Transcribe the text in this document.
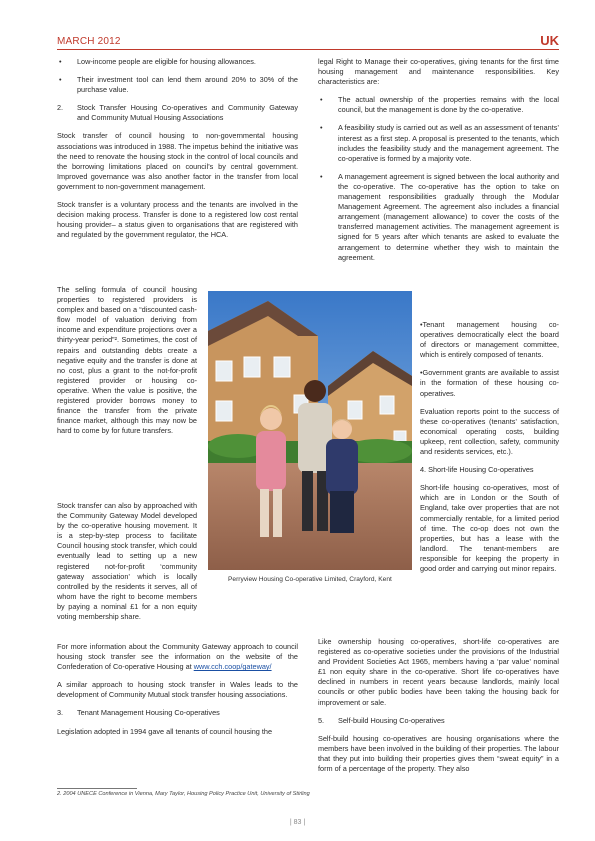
MARCH 2012	UK
• Low-income people are eligible for housing allowances.
• Their investment tool can lend them around 20% to 30% of the purchase value.
2. Stock Transfer Housing Co-operatives and Community Gateway and Community Mutual Housing Associations

Stock transfer of council housing to non-governmental housing associations was introduced in 1988. The impetus behind the initiative was the need to renovate the housing stock in the control of local councils and the borrowing limitations placed on council’s by central government. Improved governance was also another factor in the transfer from local government to non-government management.

Stock transfer is a voluntary process and the tenants are involved in the decision making process. Transfer is done to a registered low cost rental housing provider– a status given to organisations that are registered with and regulated by the government regulator, the HCA.

The selling formula of council housing properties to registered providers is complex and based on a “discounted cash-flow model of valuation deriving from income and expenditure projections over a thirty-year period”². Sometimes, the cost of repairs and outstanding debts create a negative equity and the transfer is done at no cost, plus a grant to the not-for-profit registered provider or housing co-operative. When the value is positive, the registered provider borrows money to finance the transfer from the private finance market, although this may now be hard to come by for future transfers.

Stock transfer can also by approached with the Community Gateway Model developed by the co-operative housing movement. It is a step-by-step process to facilitate Council housing stock transfer, which could eventually lead to setting up a new registered not-for-profit ‘community gateway association’ which is locally controlled by the residents it serves, all of whom have the right to become members by paying a nominal £1 for a non equity voting membership share.

For more information about the Community Gateway approach to council housing stock transfer see the information on the website of the Confederation of Co-operative Housing at www.cch.coop/gateway/

A similar approach to housing stock transfer in Wales leads to the development of Community Mutual stock transfer housing associations.

3. Tenant Management Housing Co-operatives

Legislation adopted in 1994 gave all tenants of council housing the

legal Right to Manage their co-operatives, giving tenants for the first time housing management and maintenance responsibilities. Key characteristics are:

• The actual ownership of the properties remains with the local council, but the management is done by the co-operative.
• A feasibility study is carried out as well as an assessment of tenants’ interest as a first step. A proposal is presented to the tenants, which includes the feasibility study and the management agreement. The co-operative is formed by a majority vote.
• A management agreement is signed between the local authority and the co-operative. The co-operative has the option to take on management responsibilities gradually through the Modular Management Agreement. The agreement also includes a financial arrangement (management allowance) to cover the costs of the transferred management activities. The management agreement is signed for 5 years after which tenants are asked to evaluate the arrangement to determine whether they wish to maintain the agreement.

•Tenant management housing co-operatives democratically elect the board of directors or management committee, which is entirely composed of tenants.

•Government grants are available to assist in the formation of these housing co-operatives.

Evaluation reports point to the success of these co-operatives (tenants’ satisfaction, economical operating costs, building upkeep, rent collection, safety, community and residents services, etc.).

4. Short-life Housing Co-operatives

Short-life housing co-operatives, most of which are in London or the South of England, take over properties that are not commercially rentable, for a limited period of time. The co-op does not own the properties, but has a lease with the landlord. The tenant-members are responsible for keeping the property in good order and carrying out minor repairs.

Like ownership housing co-operatives, short-life co-operatives are registered as co-operative societies under the provisions of the Industrial and Provident Societies Act 1965, members having a ‘par value’ nominal £1 non equity share in the co-operative. Short life co-operatives have declined in numbers in recent years because landlords, mainly local councils or other public bodies have been taking the housing back for improvement or sale.

5. Self-build Housing Co-operatives

Self-build housing co-operatives are housing organisations where the members have been involved in the building of their properties. The labour that they put into building their properties gives them “sweat equity” in a form of a percentage of the property. They also

Perryview Housing Co-operative Limited, Crayford, Kent
2. 2004 UNECE Conference in Vienna, Mary Taylor, Housing Policy Practice Unit, University of Stirling
| 83 |
